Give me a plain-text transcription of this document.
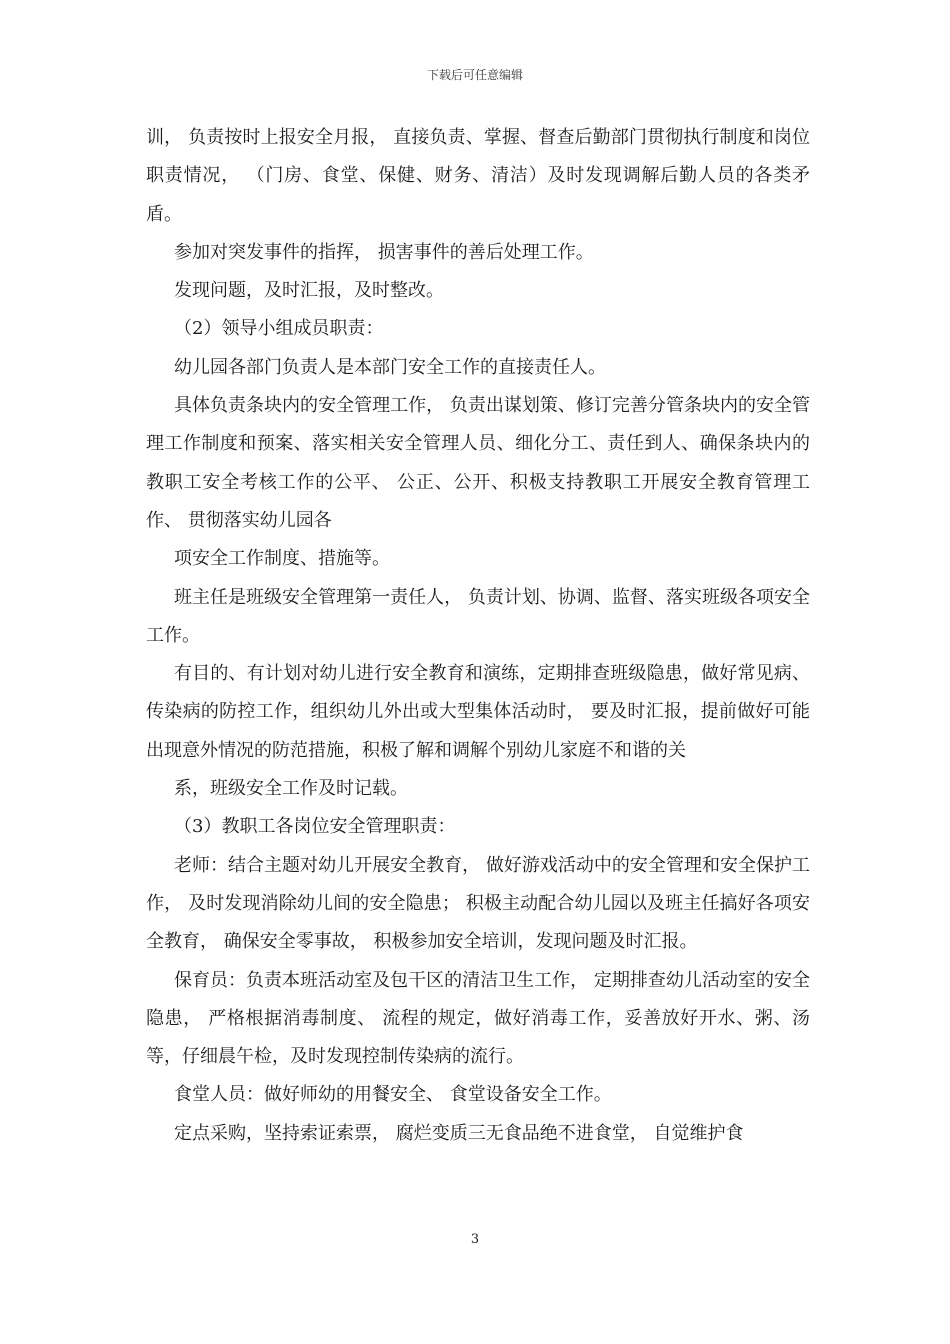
下载后可任意编辑

训， 负责按时上报安全月报， 直接负责、掌握、督查后勤部门贯彻执行制度和岗位职责情况， （门房、食堂、保健、财务、清洁）及时发现调解后勤人员的各类矛盾。

参加对突发事件的指挥， 损害事件的善后处理工作。

发现问题，及时汇报，及时整改。

（2）领导小组成员职责：

幼儿园各部门负责人是本部门安全工作的直接责任人。

具体负责条块内的安全管理工作， 负责出谋划策、修订完善分管条块内的安全管理工作制度和预案、落实相关安全管理人员、细化分工、责任到人、确保条块内的教职工安全考核工作的公平、 公正、公开、积极支持教职工开展安全教育管理工作、 贯彻落实幼儿园各

项安全工作制度、措施等。

班主任是班级安全管理第一责任人， 负责计划、协调、监督、落实班级各项安全工作。

有目的、有计划对幼儿进行安全教育和演练，定期排查班级隐患，做好常见病、 传染病的防控工作，组织幼儿外出或大型集体活动时， 要及时汇报，提前做好可能出现意外情况的防范措施，积极了解和调解个别幼儿家庭不和谐的关

系，班级安全工作及时记载。

（3）教职工各岗位安全管理职责：

老师：结合主题对幼儿开展安全教育， 做好游戏活动中的安全管理和安全保护工作， 及时发现消除幼儿间的安全隐患； 积极主动配合幼儿园以及班主任搞好各项安全教育， 确保安全零事故， 积极参加安全培训，发现问题及时汇报。

保育员：负责本班活动室及包干区的清洁卫生工作， 定期排查幼儿活动室的安全隐患， 严格根据消毒制度、 流程的规定，做好消毒工作，妥善放好开水、粥、汤等，仔细晨午检，及时发现控制传染病的流行。

食堂人员：做好师幼的用餐安全、 食堂设备安全工作。

定点采购，坚持索证索票， 腐烂变质三无食品绝不进食堂， 自觉维护食

3
